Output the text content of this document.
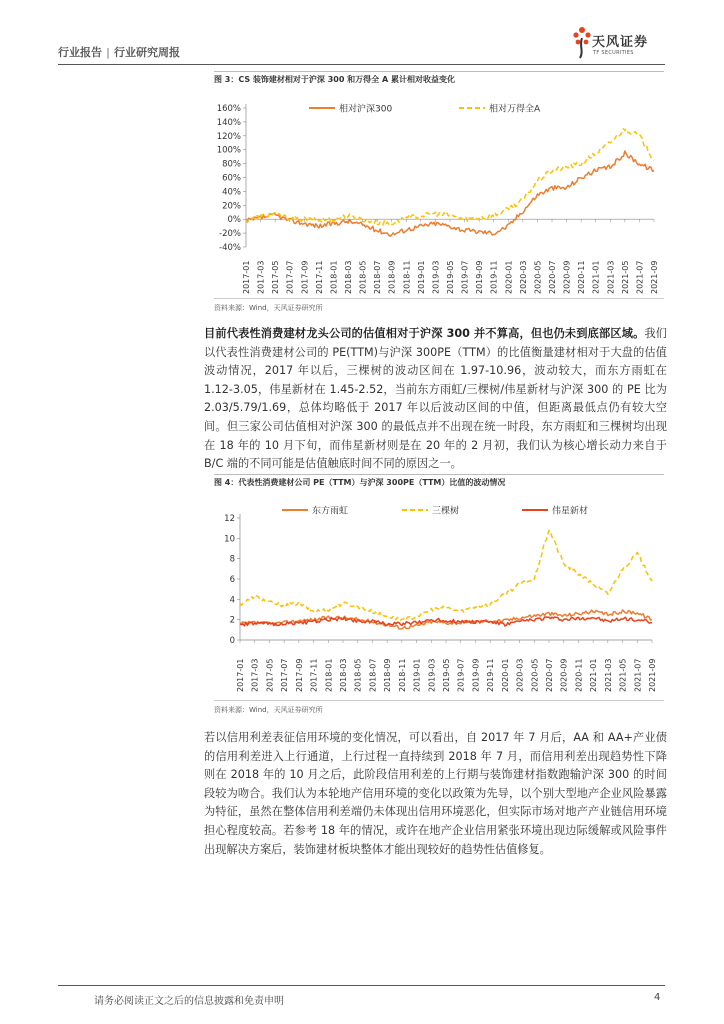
行业报告 | 行业研究周报
天风证券
TF SECURITIES
图 3：CS 装饰建材相对于沪深 300 和万得全 A 累计相对收益变化
160%
140%
120%
100%
80%
60%
40%
20%
0%
-20%
-40%
2017-01 2017-03 2017-05 2017-07 2017-09 2017-11 2018-01 2018-03 2018-05 2018-07 2018-09 2018-11 2019-01 2019-03 2019-05 2019-07 2019-09 2019-11 2020-01 2020-03 2020-05 2020-07 2020-09 2020-11 2021-01 2021-03 2021-05 2021-07 2021-09
相对沪深300	相对万得全A
资料来源：Wind，天风证券研究所

目前代表性消费建材龙头公司的估值相对于沪深 300 并不算高，但也仍未到底部区域。我们以代表性消费建材公司的 PE(TTM)与沪深 300PE（TTM）的比值衡量建材相对于大盘的估值波动情况，2017 年以后，三棵树的波动区间在 1.97-10.96，波动较大，而东方雨虹在 1.12-3.05，伟星新材在 1.45-2.52，当前东方雨虹/三棵树/伟星新材与沪深 300 的 PE 比为 2.03/5.79/1.69，总体均略低于 2017 年以后波动区间的中值，但距离最低点仍有较大空间。但三家公司估值相对沪深 300 的最低点并不出现在统一时段，东方雨虹和三棵树均出现在 18 年的 10 月下旬，而伟星新材则是在 20 年的 2 月初，我们认为核心增长动力来自于 B/C 端的不同可能是估值触底时间不同的原因之一。

图 4：代表性消费建材公司 PE（TTM）与沪深 300PE（TTM）比值的波动情况
12
10
8
6
4
2
0
2017-01 2017-03 2017-05 2017-07 2017-09 2017-11 2018-01 2018-03 2018-05 2018-07 2018-09 2018-11 2019-01 2019-03 2019-05 2019-07 2019-09 2019-11 2020-01 2020-03 2020-05 2020-07 2020-09 2020-11 2021-01 2021-03 2021-05 2021-07 2021-09
东方雨虹	三棵树	伟星新材
资料来源：Wind，天风证券研究所

若以信用利差表征信用环境的变化情况，可以看出，自 2017 年 7 月后，AA 和 AA+产业债的信用利差进入上行通道，上行过程一直持续到 2018 年 7 月，而信用利差出现趋势性下降则在 2018 年的 10 月之后，此阶段信用利差的上行期与装饰建材指数跑输沪深 300 的时间段较为吻合。我们认为本轮地产信用环境的变化以政策为先导，以个别大型地产企业风险暴露为特征，虽然在整体信用利差端仍未体现出信用环境恶化，但实际市场对地产产业链信用环境担心程度较高。若参考 18 年的情况，或许在地产企业信用紧张环境出现边际缓解或风险事件出现解决方案后，装饰建材板块整体才能出现较好的趋势性估值修复。

请务必阅读正文之后的信息披露和免责申明	4
